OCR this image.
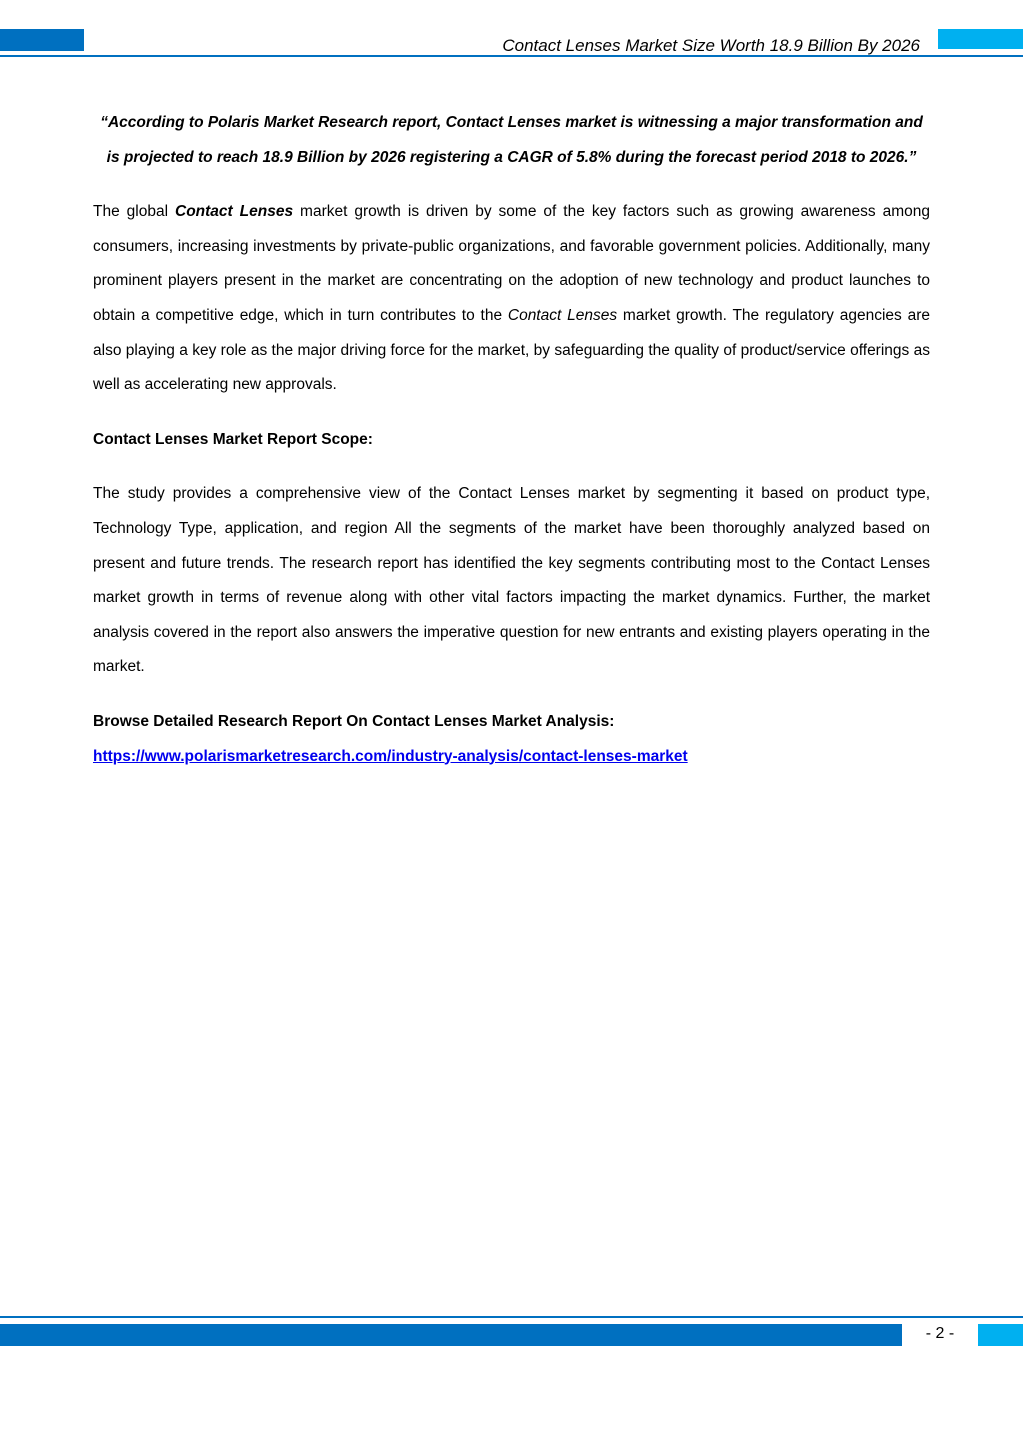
Contact Lenses Market Size Worth 18.9 Billion By 2026

“According to Polaris Market Research report, Contact Lenses market is witnessing a major transformation and is projected to reach 18.9 Billion by 2026 registering a CAGR of 5.8% during the forecast period 2018 to 2026.”

The global Contact Lenses market growth is driven by some of the key factors such as growing awareness among consumers, increasing investments by private-public organizations, and favorable government policies. Additionally, many prominent players present in the market are concentrating on the adoption of new technology and product launches to obtain a competitive edge, which in turn contributes to the Contact Lenses market growth. The regulatory agencies are also playing a key role as the major driving force for the market, by safeguarding the quality of product/service offerings as well as accelerating new approvals.

Contact Lenses Market Report Scope:

The study provides a comprehensive view of the Contact Lenses market by segmenting it based on product type, Technology Type, application, and region All the segments of the market have been thoroughly analyzed based on present and future trends. The research report has identified the key segments contributing most to the Contact Lenses market growth in terms of revenue along with other vital factors impacting the market dynamics. Further, the market analysis covered in the report also answers the imperative question for new entrants and existing players operating in the market.

Browse Detailed Research Report On Contact Lenses Market Analysis:

https://www.polarismarketresearch.com/industry-analysis/contact-lenses-market

- 2 -
